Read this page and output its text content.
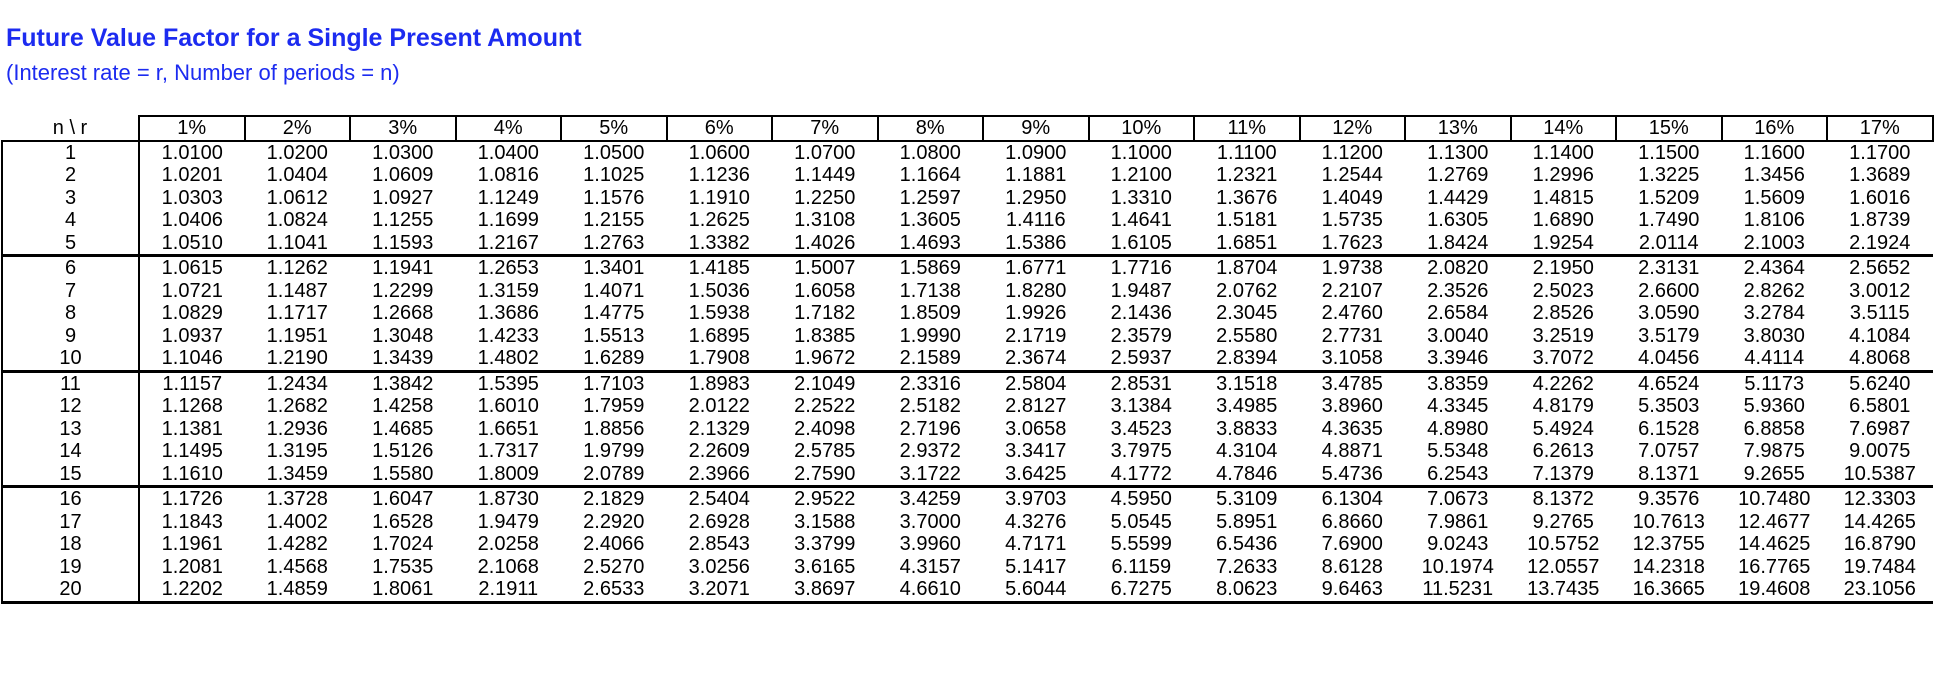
Future Value Factor for a Single Present Amount
(Interest rate = r, Number of periods = n)
n \ r	1%	2%	3%	4%	5%	6%	7%	8%	9%	10%	11%	12%	13%	14%	15%	16%	17%
1	1.0100	1.0200	1.0300	1.0400	1.0500	1.0600	1.0700	1.0800	1.0900	1.1000	1.1100	1.1200	1.1300	1.1400	1.1500	1.1600	1.1700
2	1.0201	1.0404	1.0609	1.0816	1.1025	1.1236	1.1449	1.1664	1.1881	1.2100	1.2321	1.2544	1.2769	1.2996	1.3225	1.3456	1.3689
3	1.0303	1.0612	1.0927	1.1249	1.1576	1.1910	1.2250	1.2597	1.2950	1.3310	1.3676	1.4049	1.4429	1.4815	1.5209	1.5609	1.6016
4	1.0406	1.0824	1.1255	1.1699	1.2155	1.2625	1.3108	1.3605	1.4116	1.4641	1.5181	1.5735	1.6305	1.6890	1.7490	1.8106	1.8739
5	1.0510	1.1041	1.1593	1.2167	1.2763	1.3382	1.4026	1.4693	1.5386	1.6105	1.6851	1.7623	1.8424	1.9254	2.0114	2.1003	2.1924
6	1.0615	1.1262	1.1941	1.2653	1.3401	1.4185	1.5007	1.5869	1.6771	1.7716	1.8704	1.9738	2.0820	2.1950	2.3131	2.4364	2.5652
7	1.0721	1.1487	1.2299	1.3159	1.4071	1.5036	1.6058	1.7138	1.8280	1.9487	2.0762	2.2107	2.3526	2.5023	2.6600	2.8262	3.0012
8	1.0829	1.1717	1.2668	1.3686	1.4775	1.5938	1.7182	1.8509	1.9926	2.1436	2.3045	2.4760	2.6584	2.8526	3.0590	3.2784	3.5115
9	1.0937	1.1951	1.3048	1.4233	1.5513	1.6895	1.8385	1.9990	2.1719	2.3579	2.5580	2.7731	3.0040	3.2519	3.5179	3.8030	4.1084
10	1.1046	1.2190	1.3439	1.4802	1.6289	1.7908	1.9672	2.1589	2.3674	2.5937	2.8394	3.1058	3.3946	3.7072	4.0456	4.4114	4.8068
11	1.1157	1.2434	1.3842	1.5395	1.7103	1.8983	2.1049	2.3316	2.5804	2.8531	3.1518	3.4785	3.8359	4.2262	4.6524	5.1173	5.6240
12	1.1268	1.2682	1.4258	1.6010	1.7959	2.0122	2.2522	2.5182	2.8127	3.1384	3.4985	3.8960	4.3345	4.8179	5.3503	5.9360	6.5801
13	1.1381	1.2936	1.4685	1.6651	1.8856	2.1329	2.4098	2.7196	3.0658	3.4523	3.8833	4.3635	4.8980	5.4924	6.1528	6.8858	7.6987
14	1.1495	1.3195	1.5126	1.7317	1.9799	2.2609	2.5785	2.9372	3.3417	3.7975	4.3104	4.8871	5.5348	6.2613	7.0757	7.9875	9.0075
15	1.1610	1.3459	1.5580	1.8009	2.0789	2.3966	2.7590	3.1722	3.6425	4.1772	4.7846	5.4736	6.2543	7.1379	8.1371	9.2655	10.5387
16	1.1726	1.3728	1.6047	1.8730	2.1829	2.5404	2.9522	3.4259	3.9703	4.5950	5.3109	6.1304	7.0673	8.1372	9.3576	10.7480	12.3303
17	1.1843	1.4002	1.6528	1.9479	2.2920	2.6928	3.1588	3.7000	4.3276	5.0545	5.8951	6.8660	7.9861	9.2765	10.7613	12.4677	14.4265
18	1.1961	1.4282	1.7024	2.0258	2.4066	2.8543	3.3799	3.9960	4.7171	5.5599	6.5436	7.6900	9.0243	10.5752	12.3755	14.4625	16.8790
19	1.2081	1.4568	1.7535	2.1068	2.5270	3.0256	3.6165	4.3157	5.1417	6.1159	7.2633	8.6128	10.1974	12.0557	14.2318	16.7765	19.7484
20	1.2202	1.4859	1.8061	2.1911	2.6533	3.2071	3.8697	4.6610	5.6044	6.7275	8.0623	9.6463	11.5231	13.7435	16.3665	19.4608	23.1056
